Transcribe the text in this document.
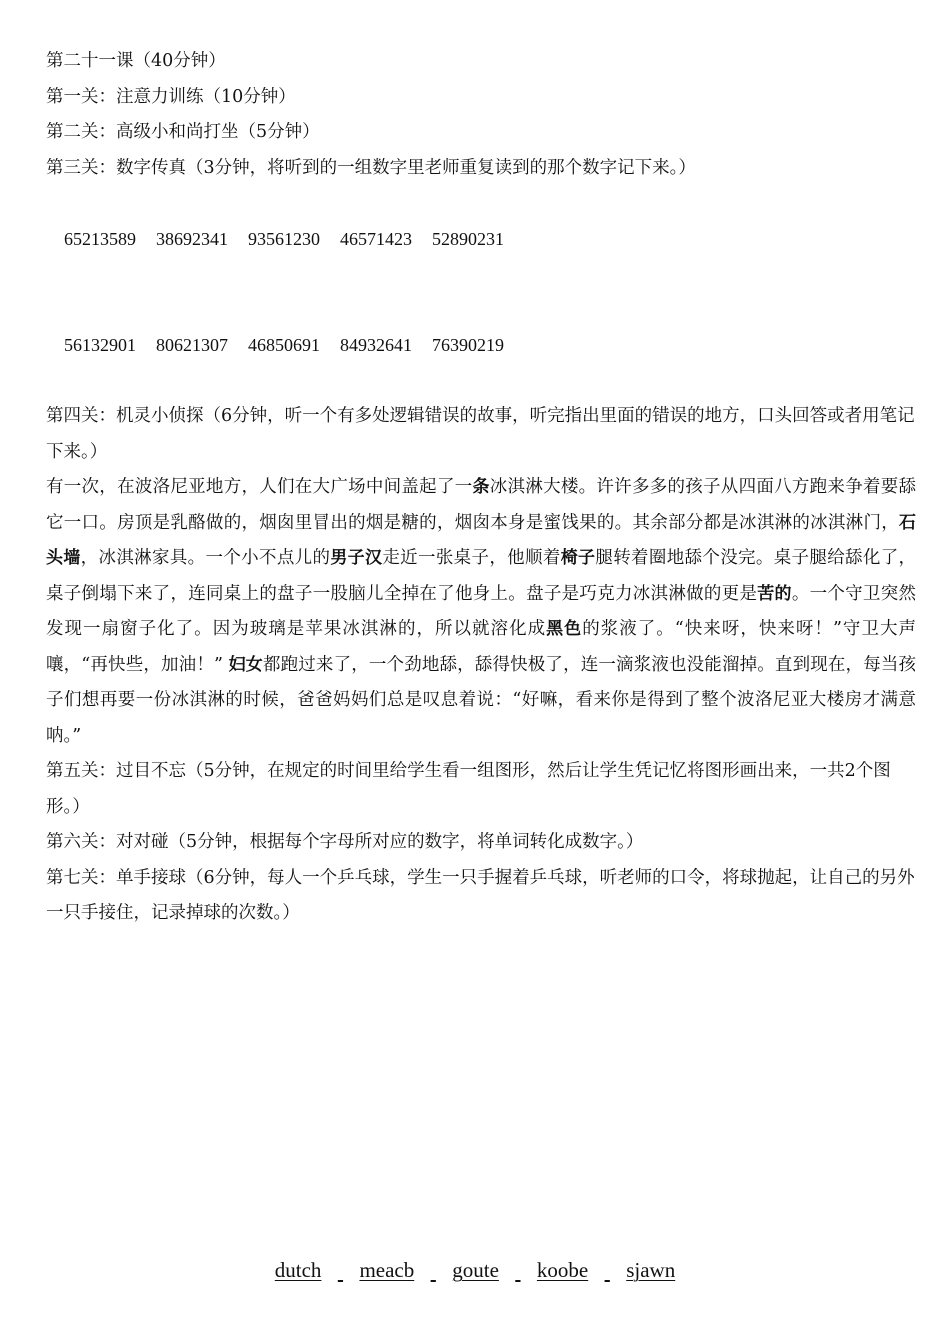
第二十一课（40分钟）
第一关：注意力训练（10分钟）
第二关：高级小和尚打坐（5分钟）
第三关：数字传真（3分钟，将听到的一组数字里老师重复读到的那个数字记下来。）

65213589 38692341 93561230 46571423 52890231

56132901 80621307 46850691 84932641 76390219

第四关：机灵小侦探（6分钟，听一个有多处逻辑错误的故事，听完指出里面的错误的地方，口头回答或者用笔记下来。）
有一次，在波洛尼亚地方，人们在大广场中间盖起了一条冰淇淋大楼。许许多多的孩子从四面八方跑来争着要舔它一口。房顶是乳酪做的，烟囱里冒出的烟是糖的，烟囱本身是蜜饯果的。其余部分都是冰淇淋的冰淇淋门，石头墙，冰淇淋家具。一个小不点儿的男子汉走近一张桌子，他顺着椅子腿转着圈地舔个没完。桌子腿给舔化了，桌子倒塌下来了，连同桌上的盘子一股脑儿全掉在了他身上。盘子是巧克力冰淇淋做的更是苦的。一个守卫突然发现一扇窗子化了。因为玻璃是苹果冰淇淋的，所以就溶化成黑色的浆液了。“快来呀，快来呀！”守卫大声嚷，“再快些，加油！” 妇女都跑过来了，一个劲地舔，舔得快极了，连一滴浆液也没能溜掉。直到现在，每当孩子们想再要一份冰淇淋的时候，爸爸妈妈们总是叹息着说：“好嘛，看来你是得到了整个波洛尼亚大楼房才满意呐。”
第五关：过目不忘（5分钟，在规定的时间里给学生看一组图形，然后让学生凭记忆将图形画出来，一共2个图形。）
第六关：对对碰（5分钟，根据每个字母所对应的数字，将单词转化成数字。）
第七关：单手接球（6分钟，每人一个乒乓球，学生一只手握着乒乓球，听老师的口令，将球抛起，让自己的另外一只手接住，记录掉球的次数。）
dutch meacb goute koobe sjawn
